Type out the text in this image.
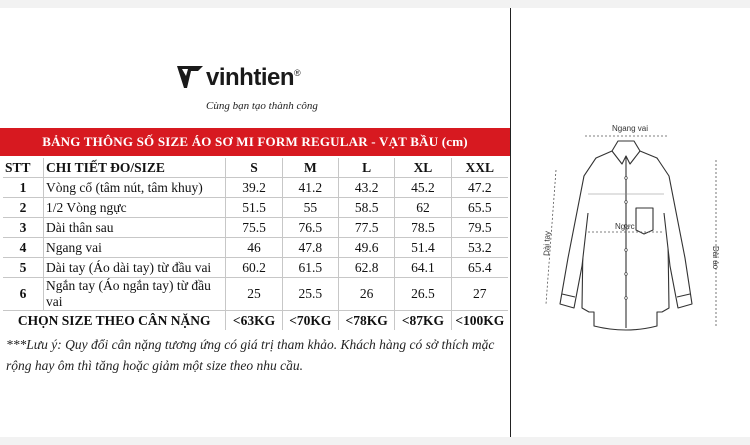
vinhtien®
Cùng bạn tạo thành công
BẢNG THÔNG SỐ SIZE ÁO SƠ MI FORM REGULAR - VẠT BẦU (cm)
STT	CHI TIẾT ĐO/SIZE	S	M	L	XL	XXL
1	Vòng cổ (tâm nút, tâm khuy)	39.2	41.2	43.2	45.2	47.2
2	1/2 Vòng ngực	51.5	55	58.5	62	65.5
3	Dài thân sau	75.5	76.5	77.5	78.5	79.5
4	Ngang vai	46	47.8	49.6	51.4	53.2
5	Dài tay (Áo dài tay) từ đầu vai	60.2	61.5	62.8	64.1	65.4
6	Ngắn tay (Áo ngắn tay) từ đầu vai	25	25.5	26	26.5	27
CHỌN SIZE THEO CÂN NẶNG		<63KG	<70KG	<78KG	<87KG	<100KG
***Lưu ý: Quy đổi cân nặng tương ứng có giá trị tham khảo. Khách hàng có sở thích mặc rộng hay ôm thì tăng hoặc giảm một size theo nhu cầu.
Ngang vai
Ngực
Dài tay
Dài áo
